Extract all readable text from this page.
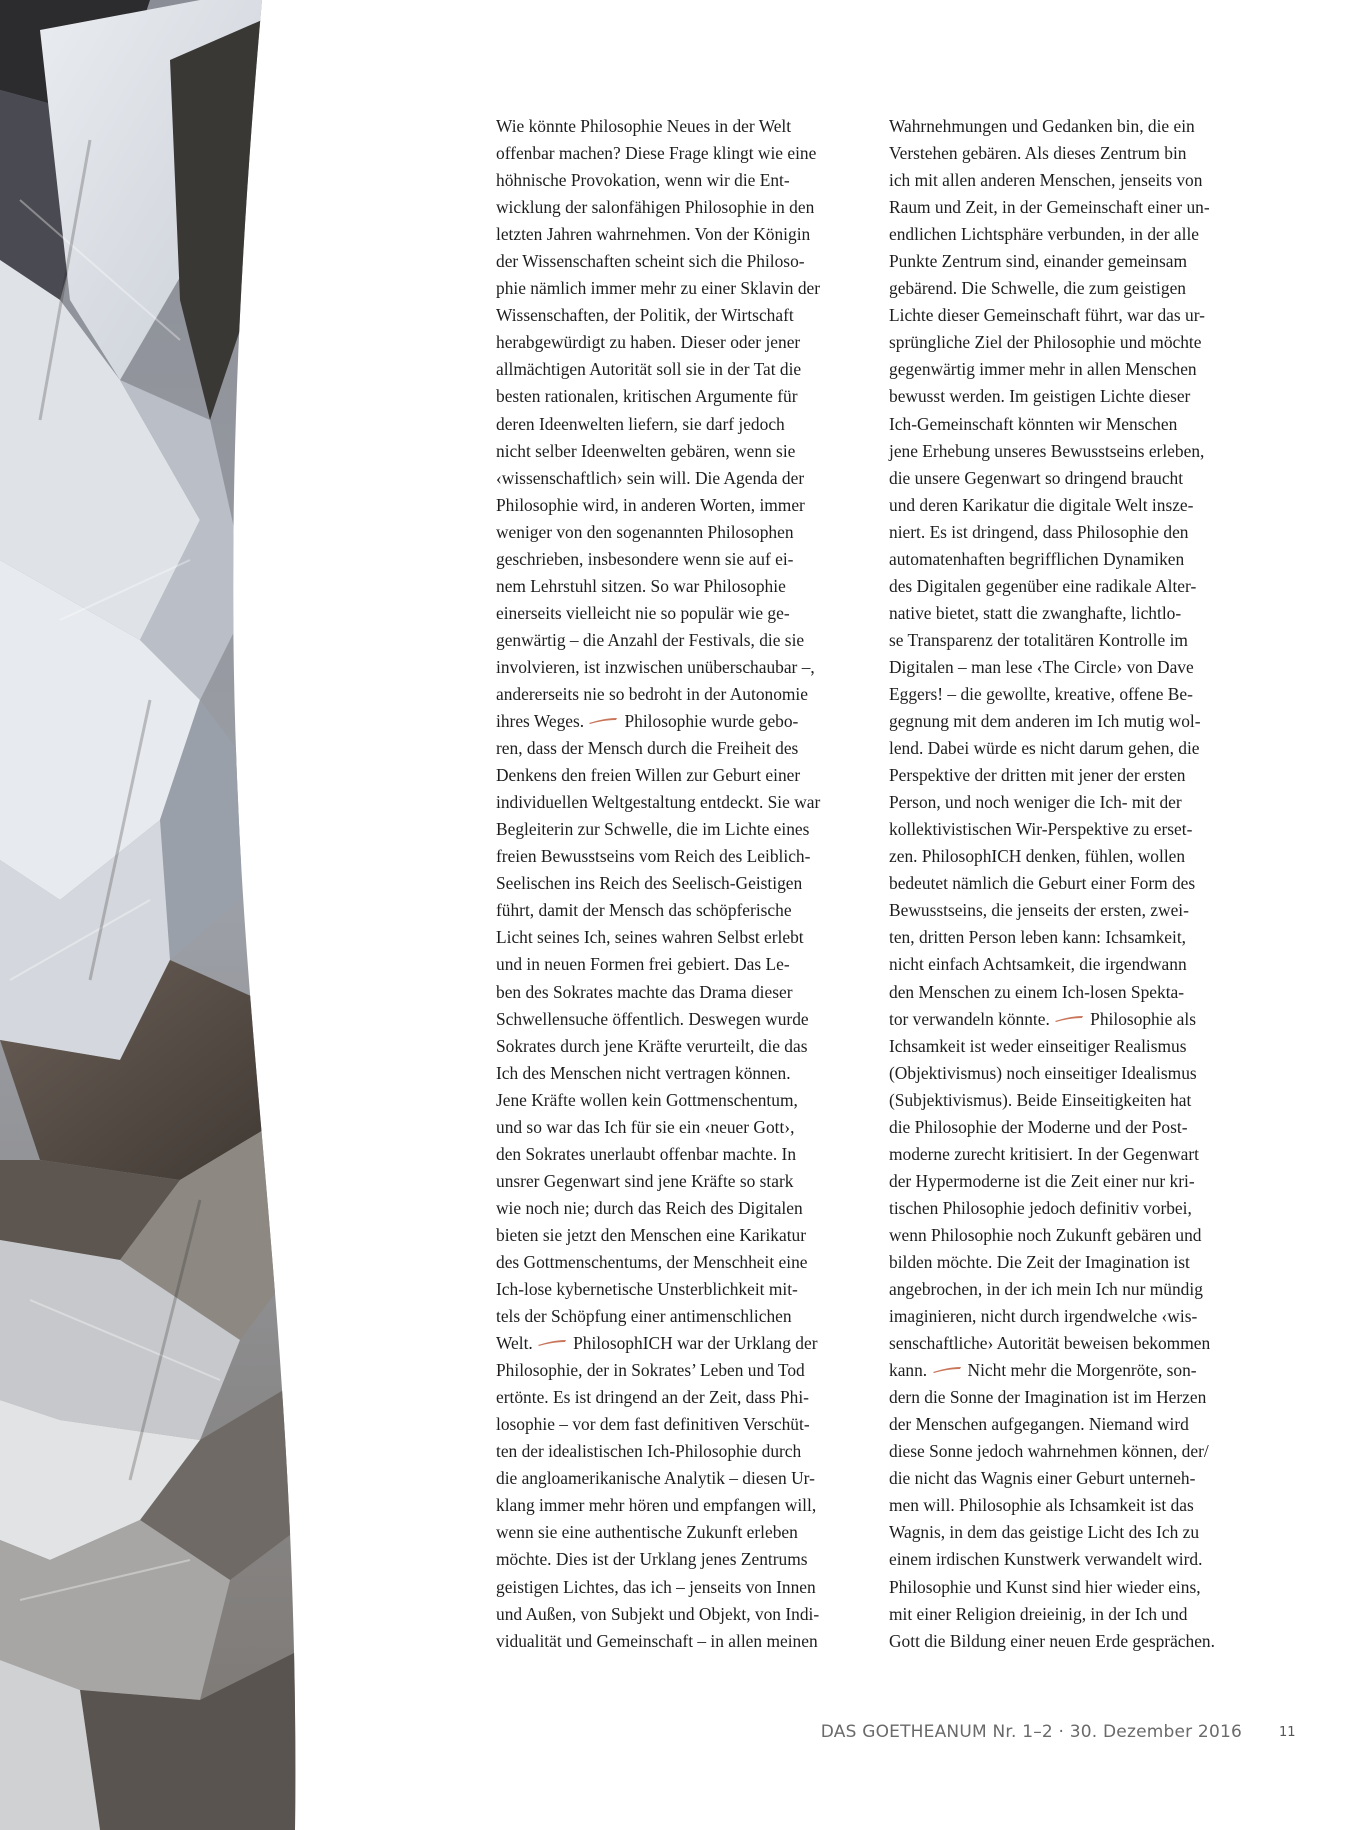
Wie könnte Philosophie Neues in der Welt
offenbar machen? Diese Frage klingt wie eine
höhnische Provokation, wenn wir die Ent-
wicklung der salonfähigen Philosophie in den
letzten Jahren wahrnehmen. Von der Königin
der Wissenschaften scheint sich die Philoso-
phie nämlich immer mehr zu einer Sklavin der
Wissenschaften, der Politik, der Wirtschaft
herabgewürdigt zu haben. Dieser oder jener
allmächtigen Autorität soll sie in der Tat die
besten rationalen, kritischen Argumente für
deren Ideenwelten liefern, sie darf jedoch
nicht selber Ideenwelten gebären, wenn sie
‹wissenschaftlich› sein will. Die Agenda der
Philosophie wird, in anderen Worten, immer
weniger von den sogenannten Philosophen
geschrieben, insbesondere wenn sie auf ei-
nem Lehrstuhl sitzen. So war Philosophie
einerseits vielleicht nie so populär wie ge-
genwärtig – die Anzahl der Festivals, die sie
involvieren, ist inzwischen unüberschaubar –,
andererseits nie so bedroht in der Autonomie
ihres Weges.
Philosophie wurde gebo-
ren, dass der Mensch durch die Freiheit des
Denkens den freien Willen zur Geburt einer
individuellen Weltgestaltung entdeckt. Sie war
Begleiterin zur Schwelle, die im Lichte eines
freien Bewusstseins vom Reich des Leiblich-
Seelischen ins Reich des Seelisch-Geistigen
führt, damit der Mensch das schöpferische
Licht seines Ich, seines wahren Selbst erlebt
und in neuen Formen frei gebiert. Das Le-
ben des Sokrates machte das Drama dieser
Schwellensuche öffentlich. Deswegen wurde
Sokrates durch jene Kräfte verurteilt, die das
Ich des Menschen nicht vertragen können.
Jene Kräfte wollen kein Gottmenschentum,
und so war das Ich für sie ein ‹neuer Gott›,
den Sokrates unerlaubt offenbar machte. In
unsrer Gegenwart sind jene Kräfte so stark
wie noch nie; durch das Reich des Digitalen
bieten sie jetzt den Menschen eine Karikatur
des Gottmenschentums, der Menschheit eine
Ich-lose kybernetische Unsterblichkeit mit-
tels der Schöpfung einer antimenschlichen
Welt.
PhilosophICH war der Urklang der
Philosophie, der in Sokrates’ Leben und Tod
ertönte. Es ist dringend an der Zeit, dass Phi-
losophie – vor dem fast definitiven Verschüt-
ten der idealistischen Ich-Philosophie durch
die angloamerikanische Analytik – diesen Ur-
klang immer mehr hören und empfangen will,
wenn sie eine authentische Zukunft erleben
möchte. Dies ist der Urklang jenes Zentrums
geistigen Lichtes, das ich – jenseits von Innen
und Außen, von Subjekt und Objekt, von Indi-
vidualität und Gemeinschaft – in allen meinen
Wahrnehmungen und Gedanken bin, die ein
Verstehen gebären. Als dieses Zentrum bin
ich mit allen anderen Menschen, jenseits von
Raum und Zeit, in der Gemeinschaft einer un-
endlichen Lichtsphäre verbunden, in der alle
Punkte Zentrum sind, einander gemeinsam
gebärend. Die Schwelle, die zum geistigen
Lichte dieser Gemeinschaft führt, war das ur-
sprüngliche Ziel der Philosophie und möchte
gegenwärtig immer mehr in allen Menschen
bewusst werden. Im geistigen Lichte dieser
Ich-Gemeinschaft könnten wir Menschen
jene Erhebung unseres Bewusstseins erleben,
die unsere Gegenwart so dringend braucht
und deren Karikatur die digitale Welt insze-
niert. Es ist dringend, dass Philosophie den
automatenhaften begrifflichen Dynamiken
des Digitalen gegenüber eine radikale Alter-
native bietet, statt die zwanghafte, lichtlo-
se Transparenz der totalitären Kontrolle im
Digitalen – man lese ‹The Circle› von Dave
Eggers! – die gewollte, kreative, offene Be-
gegnung mit dem anderen im Ich mutig wol-
lend. Dabei würde es nicht darum gehen, die
Perspektive der dritten mit jener der ersten
Person, und noch weniger die Ich- mit der
kollektivistischen Wir-Perspektive zu erset-
zen. PhilosophICH denken, fühlen, wollen
bedeutet nämlich die Geburt einer Form des
Bewusstseins, die jenseits der ersten, zwei-
ten, dritten Person leben kann: Ichsamkeit,
nicht einfach Achtsamkeit, die irgendwann
den Menschen zu einem Ich-losen Spekta-
tor verwandeln könnte.
Philosophie als
Ichsamkeit ist weder einseitiger Realismus
(Objektivismus) noch einseitiger Idealismus
(Subjektivismus). Beide Einseitigkeiten hat
die Philosophie der Moderne und der Post-
moderne zurecht kritisiert. In der Gegenwart
der Hypermoderne ist die Zeit einer nur kri-
tischen Philosophie jedoch definitiv vorbei,
wenn Philosophie noch Zukunft gebären und
bilden möchte. Die Zeit der Imagination ist
angebrochen, in der ich mein Ich nur mündig
imaginieren, nicht durch irgendwelche ‹wis-
senschaftliche› Autorität beweisen bekommen
kann.
Nicht mehr die Morgenröte, son-
dern die Sonne der Imagination ist im Herzen
der Menschen aufgegangen. Niemand wird
diese Sonne jedoch wahrnehmen können, der/
die nicht das Wagnis einer Geburt unterneh-
men will. Philosophie als Ichsamkeit ist das
Wagnis, in dem das geistige Licht des Ich zu
einem irdischen Kunstwerk verwandelt wird.
Philosophie und Kunst sind hier wieder eins,
mit einer Religion dreieinig, in der Ich und
Gott die Bildung einer neuen Erde gesprächen.
DAS GOETHEANUM Nr. 1–2 · 30. Dezember 2016	11
